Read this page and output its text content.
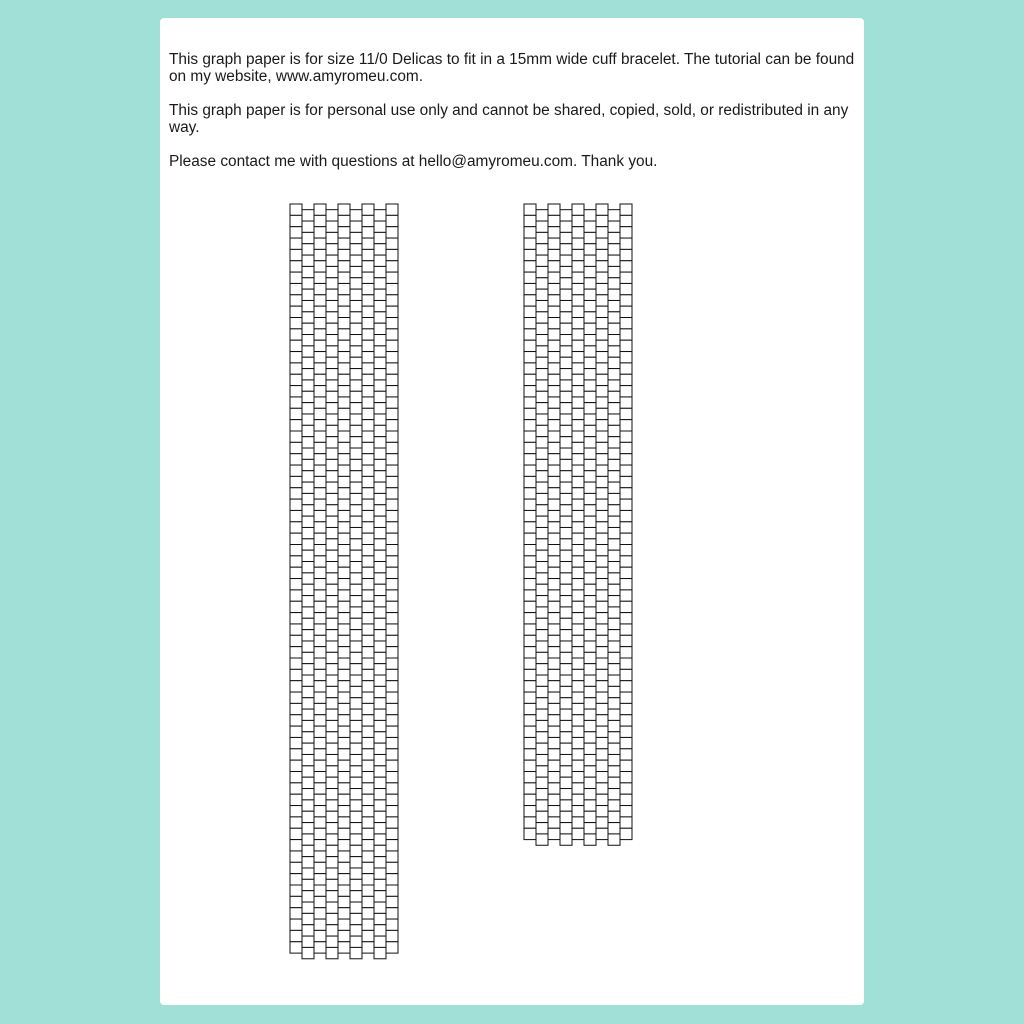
This graph paper is for size 11/0 Delicas to fit in a 15mm wide cuff bracelet. The tutorial can be found on my website, www.amyromeu.com.

This graph paper is for personal use only and cannot be shared, copied, sold, or redistributed in any way.

Please contact me with questions at hello@amyromeu.com. Thank you.
